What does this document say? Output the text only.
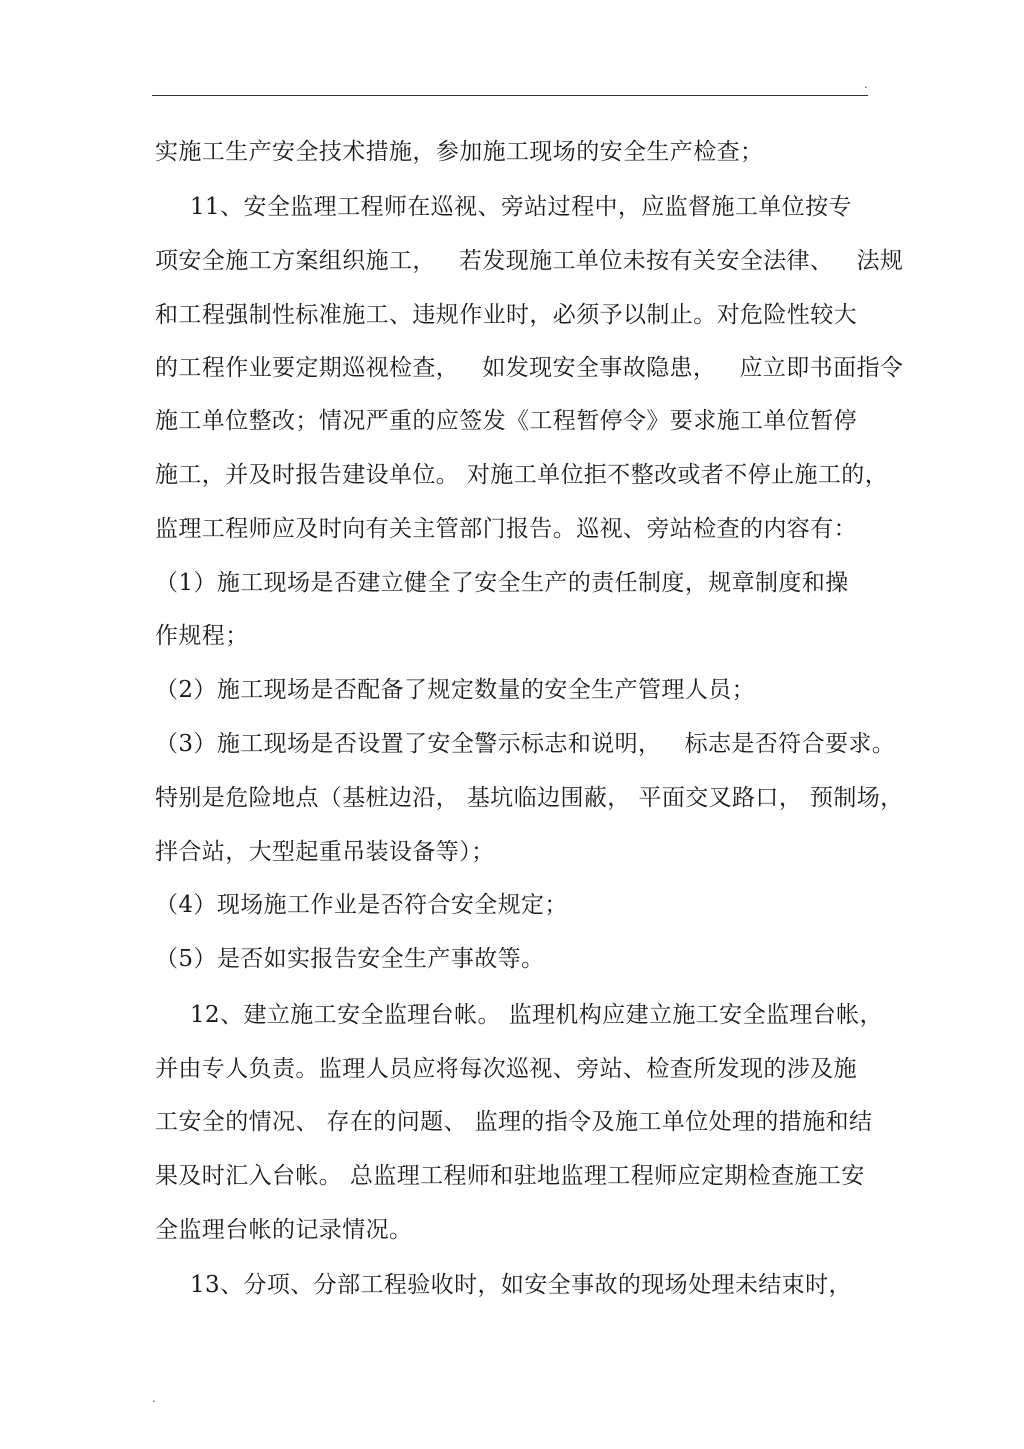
.
实施工生产安全技术措施，参加施工现场的安全生产检查；
11、安全监理工程师在巡视、旁站过程中，应监督施工单位按专
项安全施工方案组织施工，   若发现施工单位未按有关安全法律、   法规
和工程强制性标准施工、违规作业时，必须予以制止。对危险性较大
的工程作业要定期巡视检查，   如发现安全事故隐患，   应立即书面指令
施工单位整改；情况严重的应签发《工程暂停令》要求施工单位暂停
施工，并及时报告建设单位。 对施工单位拒不整改或者不停止施工的，
监理工程师应及时向有关主管部门报告。巡视、旁站检查的内容有：
（1）施工现场是否建立健全了安全生产的责任制度，规章制度和操
作规程；
（2）施工现场是否配备了规定数量的安全生产管理人员；
（3）施工现场是否设置了安全警示标志和说明，   标志是否符合要求。
特别是危险地点（基桩边沿， 基坑临边围蔽， 平面交叉路口， 预制场，
拌合站，大型起重吊装设备等）；
（4）现场施工作业是否符合安全规定；
（5）是否如实报告安全生产事故等。
12、建立施工安全监理台帐。 监理机构应建立施工安全监理台帐，
并由专人负责。监理人员应将每次巡视、旁站、检查所发现的涉及施
工安全的情况、 存在的问题、 监理的指令及施工单位处理的措施和结
果及时汇入台帐。 总监理工程师和驻地监理工程师应定期检查施工安
全监理台帐的记录情况。
13、分项、分部工程验收时，如安全事故的现场处理未结束时，
.
